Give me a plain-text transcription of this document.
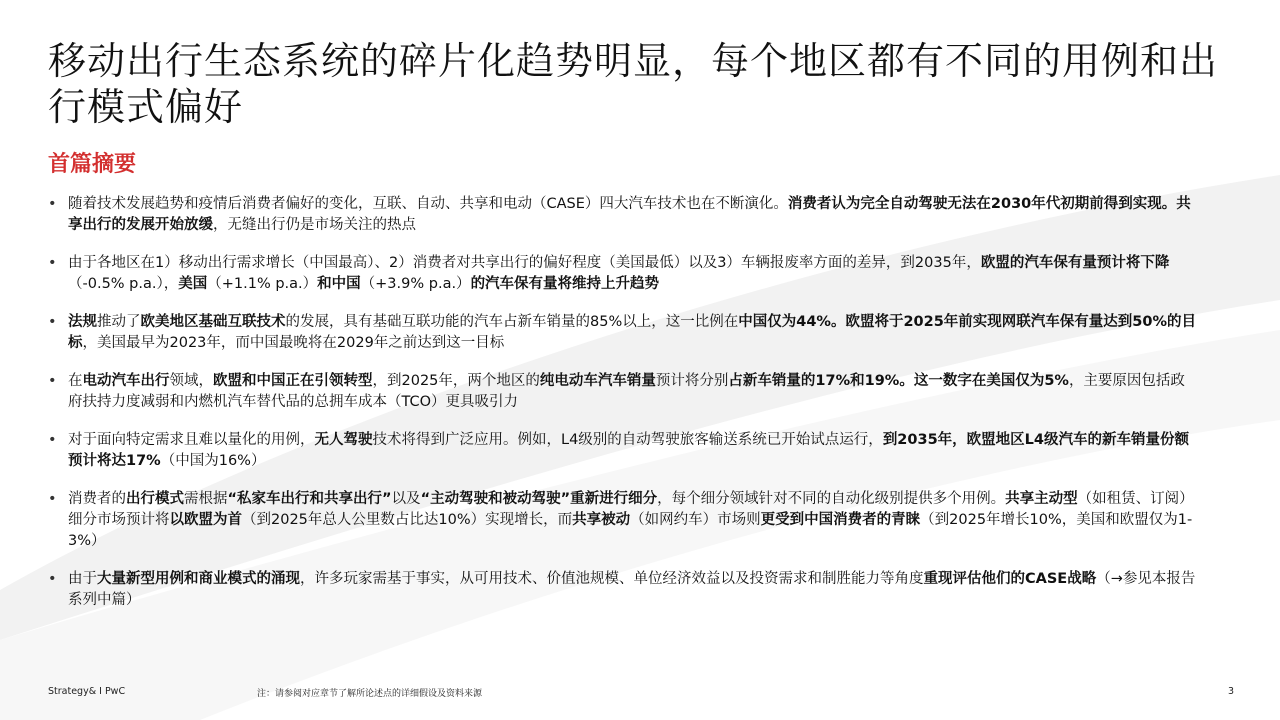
移动出行生态系统的碎片化趋势明显，每个地区都有不同的用例和出行模式偏好
首篇摘要
• 随着技术发展趋势和疫情后消费者偏好的变化，互联、自动、共享和电动（CASE）四大汽车技术也在不断演化。消费者认为完全自动驾驶无法在2030年代初期前得到实现。共享出行的发展开始放缓，无缝出行仍是市场关注的热点
• 由于各地区在1）移动出行需求增长（中国最高）、2）消费者对共享出行的偏好程度（美国最低）以及3）车辆报废率方面的差异，到2035年，欧盟的汽车保有量预计将下降（-0.5% p.a.），美国（+1.1% p.a.）和中国（+3.9% p.a.）的汽车保有量将维持上升趋势
• 法规推动了欧美地区基础互联技术的发展，具有基础互联功能的汽车占新车销量的85%以上，这一比例在中国仅为44%。欧盟将于2025年前实现网联汽车保有量达到50%的目标，美国最早为2023年，而中国最晚将在2029年之前达到这一目标
• 在电动汽车出行领域，欧盟和中国正在引领转型，到2025年，两个地区的纯电动车汽车销量预计将分别占新车销量的17%和19%。这一数字在美国仅为5%，主要原因包括政府扶持力度减弱和内燃机汽车替代品的总拥车成本（TCO）更具吸引力
• 对于面向特定需求且难以量化的用例，无人驾驶技术将得到广泛应用。例如，L4级别的自动驾驶旅客输送系统已开始试点运行，到2035年，欧盟地区L4级汽车的新车销量份额预计将达17%（中国为16%）
• 消费者的出行模式需根据“私家车出行和共享出行”以及“主动驾驶和被动驾驶”重新进行细分，每个细分领域针对不同的自动化级别提供多个用例。共享主动型（如租赁、订阅）细分市场预计将以欧盟为首（到2025年总人公里数占比达10%）实现增长，而共享被动（如网约车）市场则更受到中国消费者的青睐（到2025年增长10%，美国和欧盟仅为1-3%）
• 由于大量新型用例和商业模式的涌现，许多玩家需基于事实，从可用技术、价值池规模、单位经济效益以及投资需求和制胜能力等角度重现评估他们的CASE战略（→参见本报告系列中篇）
Strategy& I PwC	注：请参阅对应章节了解所论述点的详细假设及资料来源	3
